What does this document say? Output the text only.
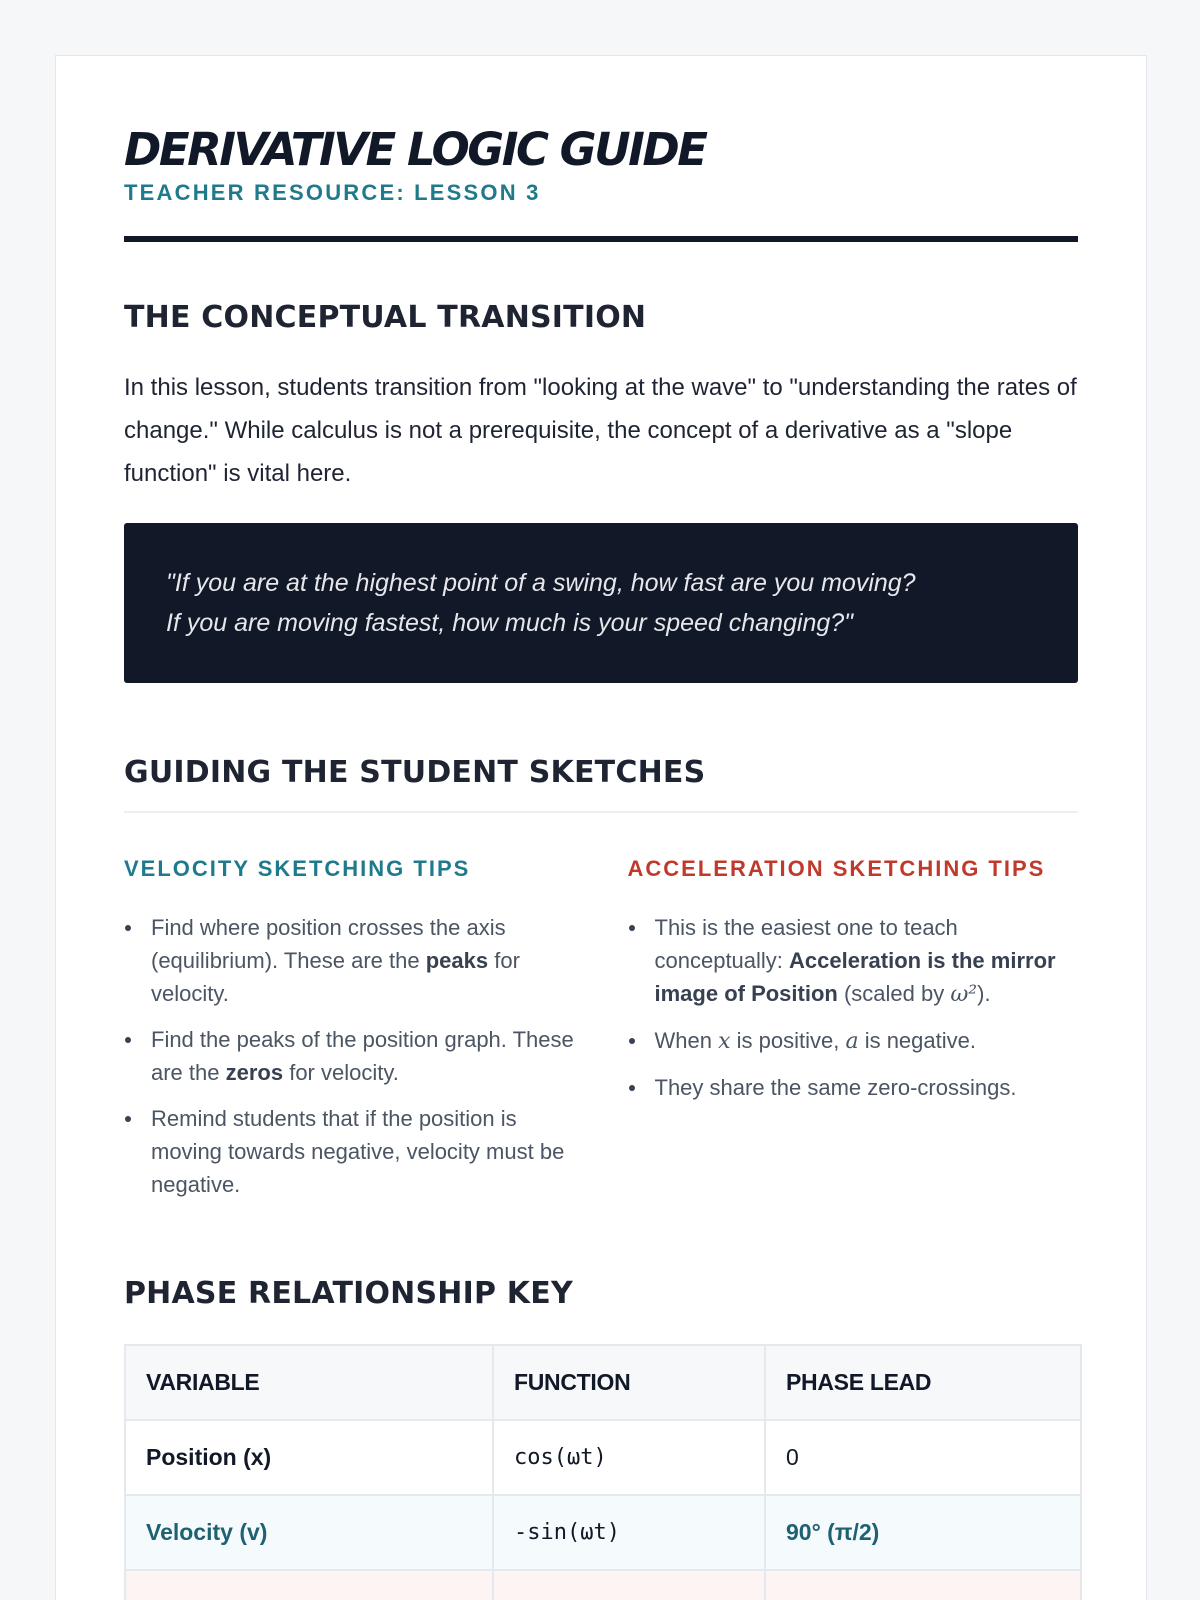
DERIVATIVE LOGIC GUIDE
TEACHER RESOURCE: LESSON 3
THE CONCEPTUAL TRANSITION

In this lesson, students transition from "looking at the wave" to "understanding the rates of change." While calculus is not a prerequisite, the concept of a derivative as a "slope function" is vital here.

"If you are at the highest point of a swing, how fast are you moving?
If you are moving fastest, how much is your speed changing?"
GUIDING THE STUDENT SKETCHES
VELOCITY SKETCHING TIPS
Find where position crosses the axis (equilibrium). These are the peaks for velocity.
Find the peaks of the position graph. These are the zeros for velocity.
Remind students that if the position is moving towards negative, velocity must be negative.
ACCELERATION SKETCHING TIPS
This is the easiest one to teach conceptually: Acceleration is the mirror image of Position (scaled by ω²).
When x is positive, a is negative.
They share the same zero-crossings.
PHASE RELATIONSHIP KEY
VARIABLE	FUNCTION	PHASE LEAD
Position (x)	cos(ωt)	0
Velocity (v)	-sin(ωt)	90° (π/2)
